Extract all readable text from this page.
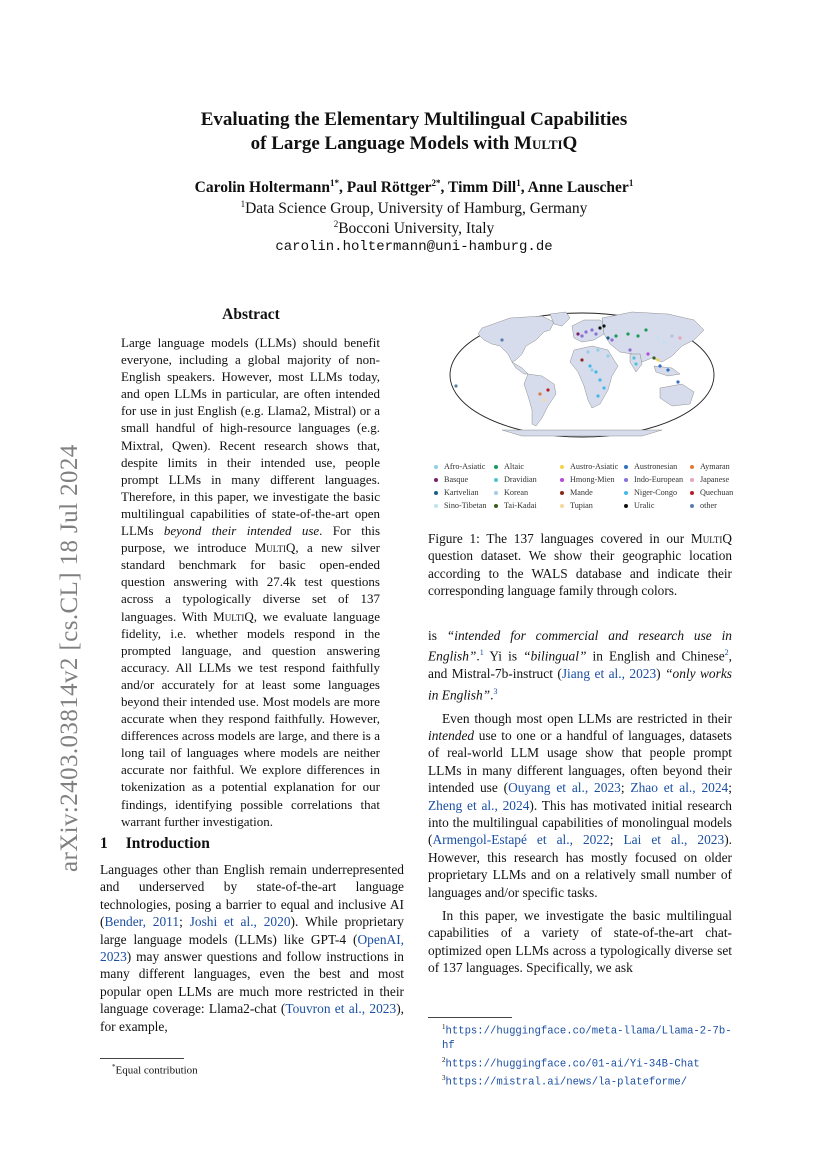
arXiv:2403.03814v2 [cs.CL] 18 Jul 2024
Evaluating the Elementary Multilingual Capabilities
of Large Language Models with MultiQ
Carolin Holtermann$^{1*}$, Paul Röttger$^{2*}$, Timm Dill$^1$, Anne Lauscher$^1$
$^1$Data Science Group, University of Hamburg, Germany
$^2$Bocconi University, Italy
carolin.holtermann@uni-hamburg.de
Abstract

Large language models (LLMs) should benefit everyone, including a global majority of non-English speakers. However, most LLMs today, and open LLMs in particular, are often intended for use in just English (e.g. Llama2, Mistral) or a small handful of high-resource languages (e.g. Mixtral, Qwen). Recent research shows that, despite limits in their intended use, people prompt LLMs in many different languages. Therefore, in this paper, we investigate the basic multilingual capabilities of state-of-the-art open LLMs beyond their intended use. For this purpose, we introduce MultiQ, a new silver standard benchmark for basic open-ended question answering with 27.4k test questions across a typologically diverse set of 137 languages. With MultiQ, we evaluate language fidelity, i.e. whether models respond in the prompted language, and question answering accuracy. All LLMs we test respond faithfully and/or accurately for at least some languages beyond their intended use. Most models are more accurate when they respond faithfully. However, differences across models are large, and there is a long tail of languages where models are neither accurate nor faithful. We explore differences in tokenization as a potential explanation for our findings, identifying possible correlations that warrant further investigation.

1 Introduction

Languages other than English remain underrepresented and underserved by state-of-the-art language technologies, posing a barrier to equal and inclusive AI (Bender, 2011; Joshi et al., 2020). While proprietary large language models (LLMs) like GPT-4 (OpenAI, 2023) may answer questions and follow instructions in many different languages, even the best and most popular open LLMs are much more restricted in their language coverage: Llama2-chat (Touvron et al., 2023), for example,

*Equal contribution
Afro-Asiatic	Altaic	Austro-Asiatic	Austronesian	Aymaran
Basque	Dravidian	Hmong-Mien	Indo-European	Japanese
Kartvelian	Korean	Mande	Niger-Congo	Quechuan
Sino-Tibetan	Tai-Kadai	Tupian	Uralic	other
Figure 1: The 137 languages covered in our MultiQ question dataset. We show their geographic location according to the WALS database and indicate their corresponding language family through colors.

is “intended for commercial and research use in English”.$^1$ Yi is “bilingual” in English and Chinese$^2$, and Mistral-7b-instruct (Jiang et al., 2023) “only works in English”.$^3$

Even though most open LLMs are restricted in their intended use to one or a handful of languages, datasets of real-world LLM usage show that people prompt LLMs in many different languages, often beyond their intended use (Ouyang et al., 2023; Zhao et al., 2024; Zheng et al., 2024). This has motivated initial research into the multilingual capabilities of monolingual models (Armengol-Estapé et al., 2022; Lai et al., 2023). However, this research has mostly focused on older proprietary LLMs and on a relatively small number of languages and/or specific tasks.

In this paper, we investigate the basic multilingual capabilities of a variety of state-of-the-art chat-optimized open LLMs across a typologically diverse set of 137 languages. Specifically, we ask

$^1$https://huggingface.co/meta-llama/Llama-2-7b-hf
$^2$https://huggingface.co/01-ai/Yi-34B-Chat
$^3$https://mistral.ai/news/la-plateforme/
